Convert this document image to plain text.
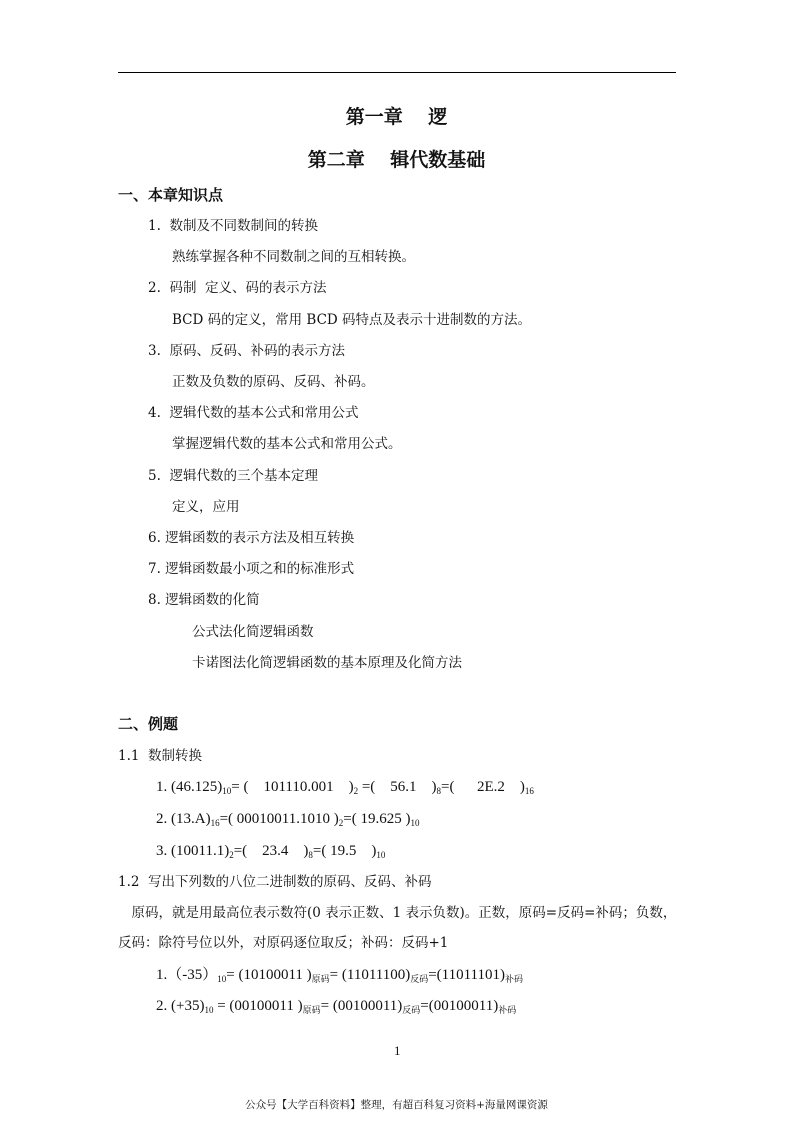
第一章　 逻
第二章　 辑代数基础
一、本章知识点
1.  数制及不同数制间的转换
熟练掌握各种不同数制之间的互相转换。
2.  码制  定义、码的表示方法
BCD 码的定义，常用 BCD 码特点及表示十进制数的方法。
3.  原码、反码、补码的表示方法
正数及负数的原码、反码、补码。
4.  逻辑代数的基本公式和常用公式
掌握逻辑代数的基本公式和常用公式。
5.  逻辑代数的三个基本定理
定义，应用
6. 逻辑函数的表示方法及相互转换
7. 逻辑函数最小项之和的标准形式
8. 逻辑函数的化简
公式法化简逻辑函数
卡诺图法化简逻辑函数的基本原理及化简方法
二、例题
1.1  数制转换
1. $(46.125)_{10}=$ (    101110.001    )$_2$ =(    56.1    )$_8=$(      2E.2    )$_{16}$
2. $(13.A)_{16}=$( 00010011.1010 )$_2=$( 19.625 )$_{10}$
3. $(10011.1)_2=$(    23.4    )$_8=$( 19.5    )$_{10}$
1.2  写出下列数的八位二进制数的原码、反码、补码
　原码，就是用最高位表示数符(0 表示正数、1 表示负数)。正数，原码=反码=补码；负数，
反码：除符号位以外，对原码逐位取反；补码：反码+1
$1.(-35)_{10}= (10100011$ )$_{原码}= (11011100)_{反码}=(11011101)_{补码}$
2. $(+35)_{10} = (00100011$ )$_{原码}= (00100011)_{反码}=(00100011)_{补码}$
1
公众号【大学百科资料】整理，有超百科复习资料+海量网课资源
